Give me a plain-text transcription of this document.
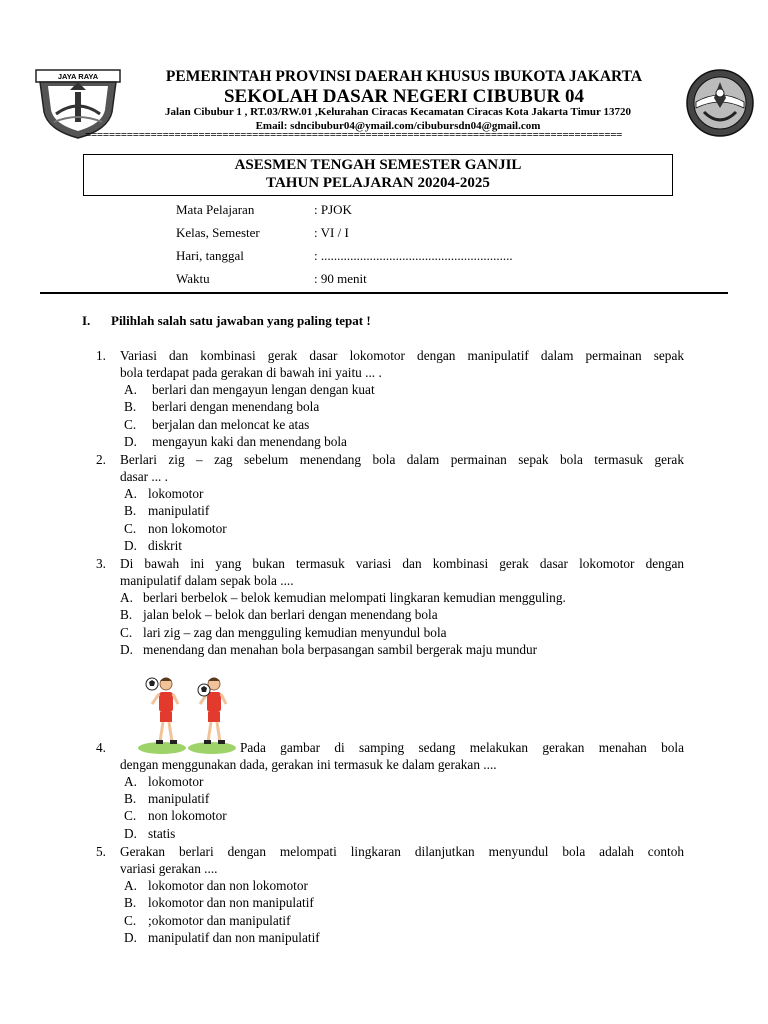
JAYA RAYA	PEMERINTAH PROVINSI DAERAH KHUSUS IBUKOTA JAKARTA
SEKOLAH DASAR NEGERI CIBUBUR 04
Jalan Cibubur 1 , RT.03/RW.01 ,Kelurahan Ciracas Kecamatan Ciracas Kota Jakarta Timur 13720
Email: sdncibubur04@ymail.com/cibubursdn04@gmail.com
==========================================================================================
ASESMEN TENGAH SEMESTER GANJIL
TAHUN PELAJARAN 20204-2025
Mata Pelajaran	: PJOK
Kelas, Semester	: VI / I
Hari, tanggal	: ...........................................................
Waktu	: 90 menit
I. Pilihlah salah satu jawaban yang paling tepat !
1. Variasi dan kombinasi gerak dasar lokomotor dengan manipulatif dalam permainan sepak
bola terdapat pada gerakan di bawah ini yaitu ... .
A. berlari dan mengayun lengan dengan kuat
B. berlari dengan menendang bola
C. berjalan dan meloncat ke atas
D. mengayun kaki dan menendang bola
2. Berlari zig – zag sebelum menendang bola dalam permainan sepak bola termasuk gerak
dasar ... .
A. lokomotor
B. manipulatif
C. non lokomotor
D. diskrit
3. Di bawah ini yang bukan termasuk variasi dan kombinasi gerak dasar lokomotor dengan
manipulatif dalam sepak bola ....
A. berlari berbelok – belok kemudian melompati lingkaran kemudian mengguling.
B. jalan belok – belok dan berlari dengan menendang bola
C. lari zig – zag dan mengguling kemudian menyundul bola
D. menendang dan menahan bola berpasangan sambil bergerak maju mundur
4.	Pada gambar di samping sedang melakukan gerakan menahan bola
dengan menggunakan dada, gerakan ini termasuk ke dalam gerakan ....
A. lokomotor
B. manipulatif
C. non lokomotor
D. statis
5. Gerakan berlari dengan melompati lingkaran dilanjutkan menyundul bola adalah contoh
variasi gerakan ....
A. lokomotor dan non lokomotor
B. lokomotor dan non manipulatif
C. ;okomotor dan manipulatif
D. manipulatif dan non manipulatif
